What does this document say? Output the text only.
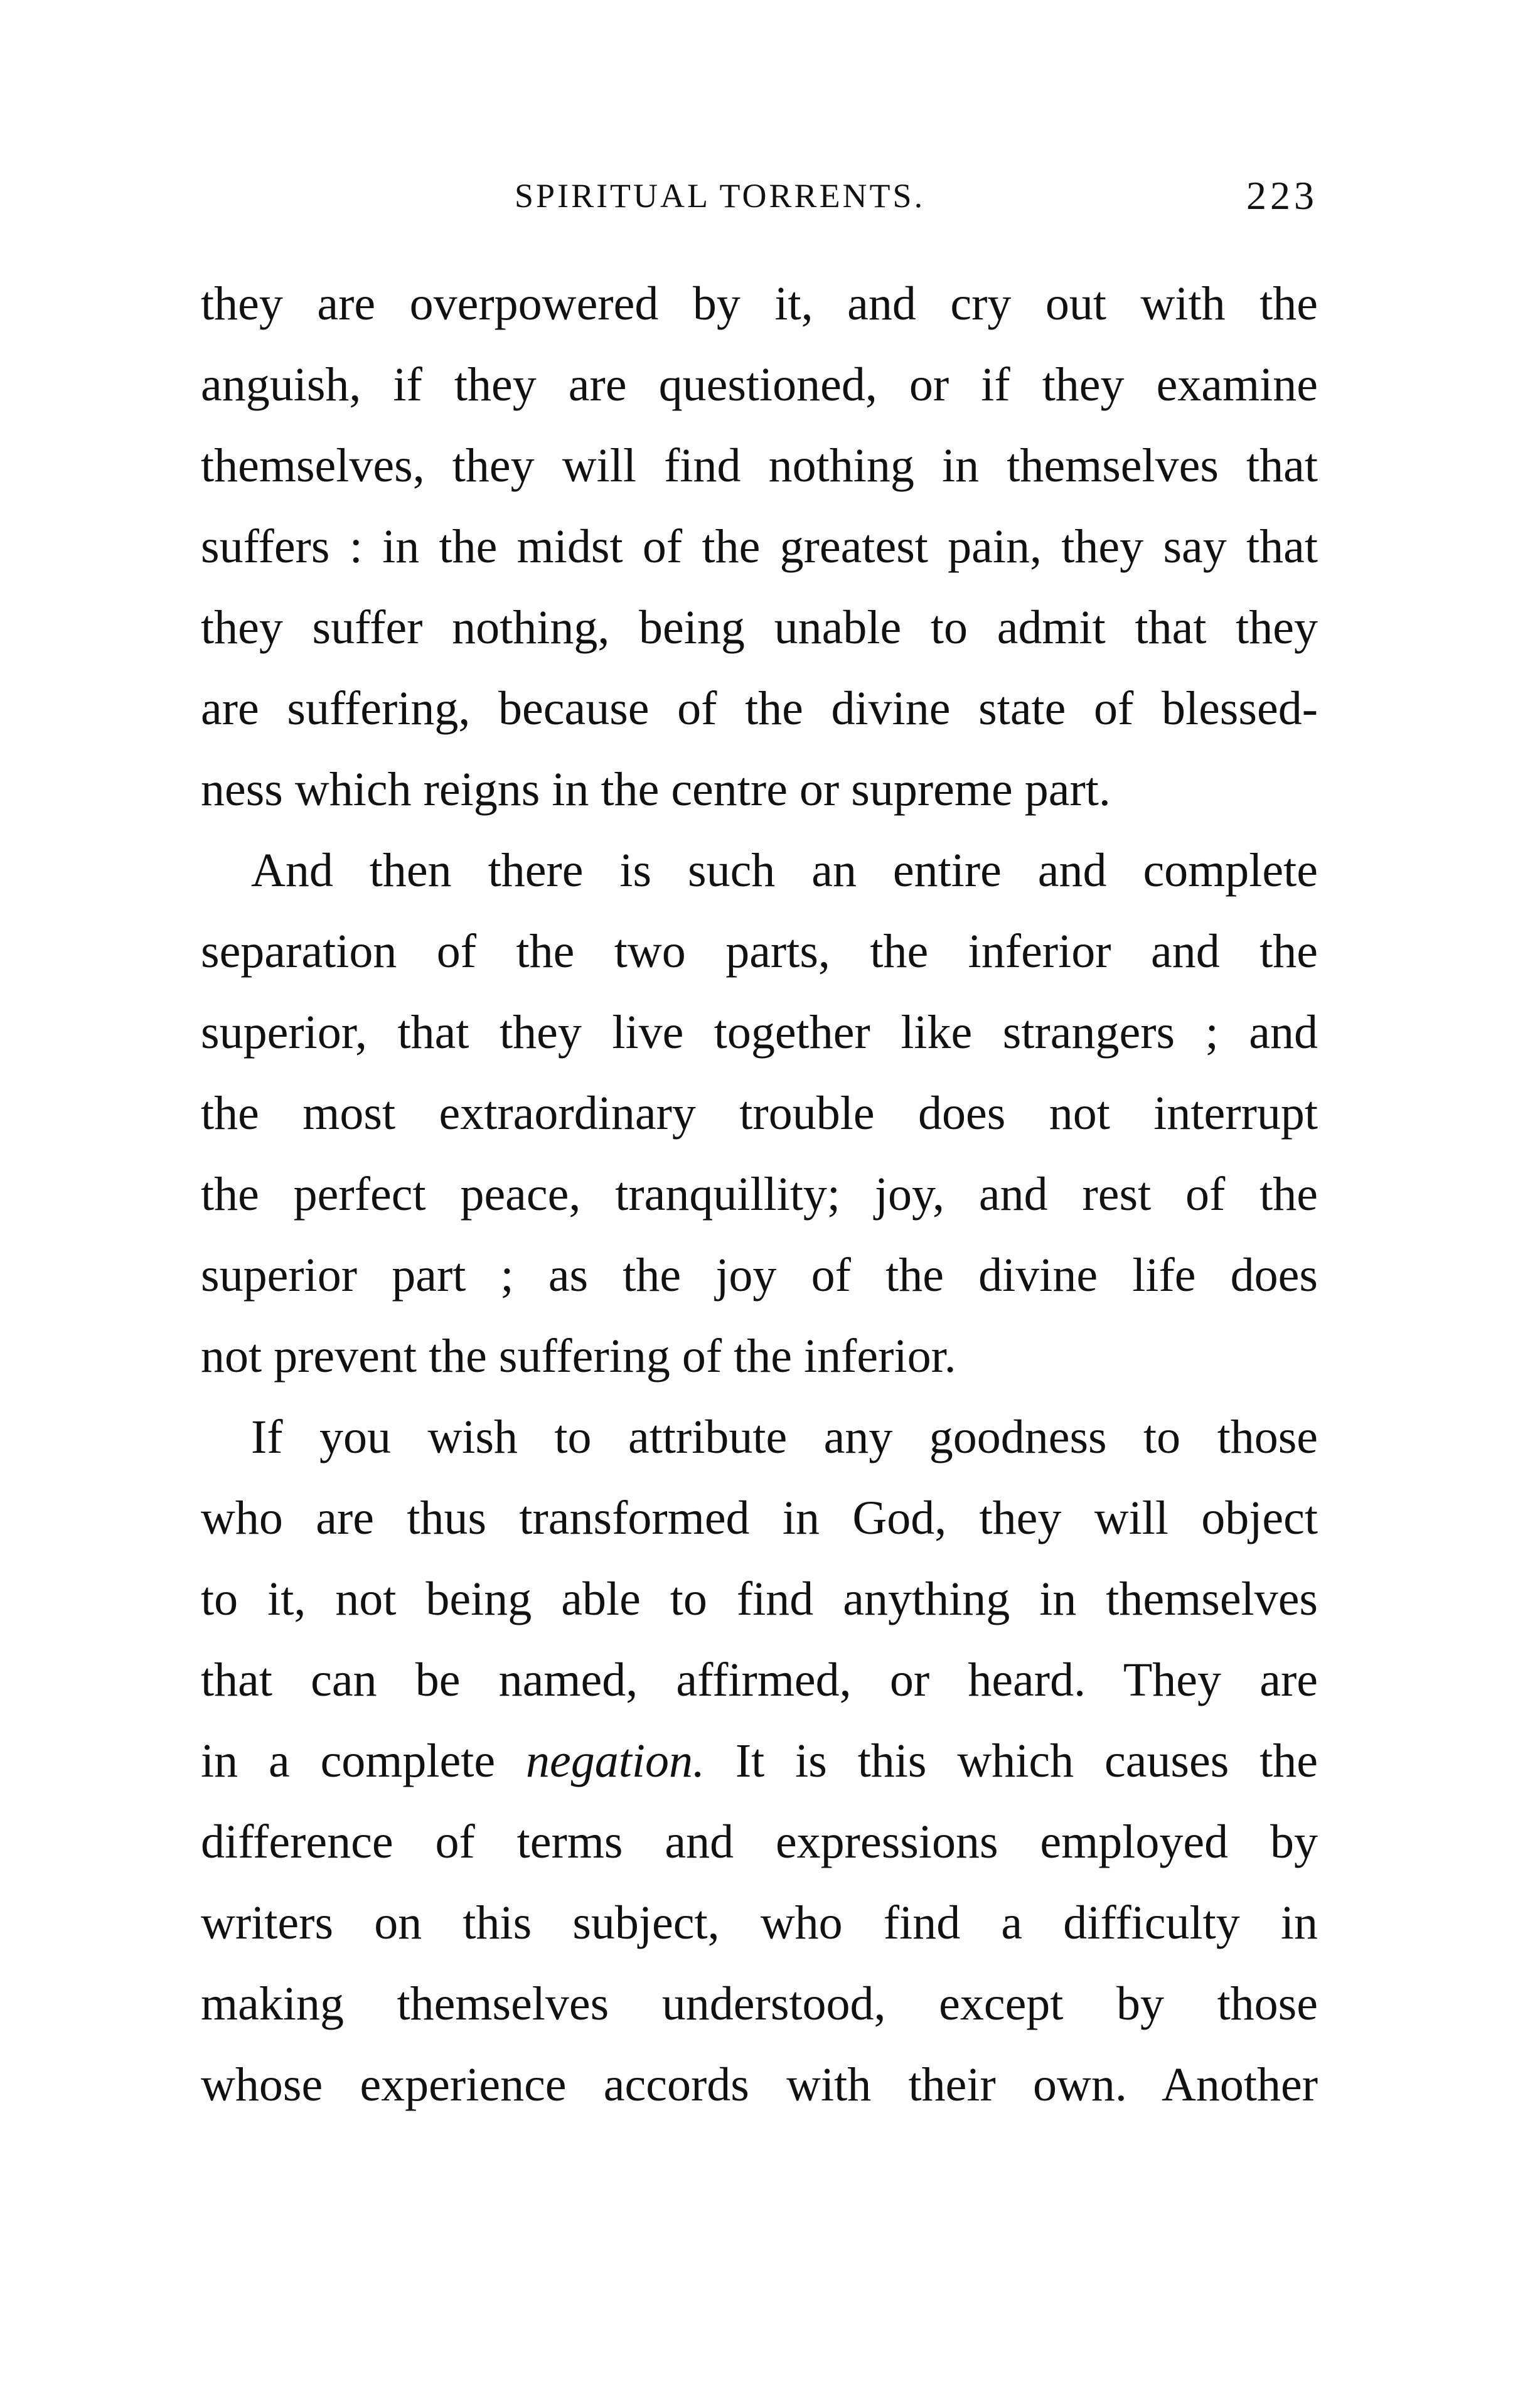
SPIRITUAL TORRENTS.	223
they are overpowered by it, and cry out with the
anguish, if they are questioned, or if they examine
themselves, they will find nothing in themselves that
suffers : in the midst of the greatest pain, they say that
they suffer nothing, being unable to admit that they
are suffering, because of the divine state of blessed-
ness which reigns in the centre or supreme part.
And then there is such an entire and complete
separation of the two parts, the inferior and the
superior, that they live together like strangers ; and
the most extraordinary trouble does not interrupt
the perfect peace, tranquillity; joy, and rest of the
superior part ; as the joy of the divine life does
not prevent the suffering of the inferior.
If you wish to attribute any goodness to those
who are thus transformed in God, they will object
to it, not being able to find anything in themselves
that can be named, affirmed, or heard. They are
in a complete negation. It is this which causes the
difference of terms and expressions employed by
writers on this subject, who find a difficulty in
making themselves understood, except by those
whose experience accords with their own. Another
